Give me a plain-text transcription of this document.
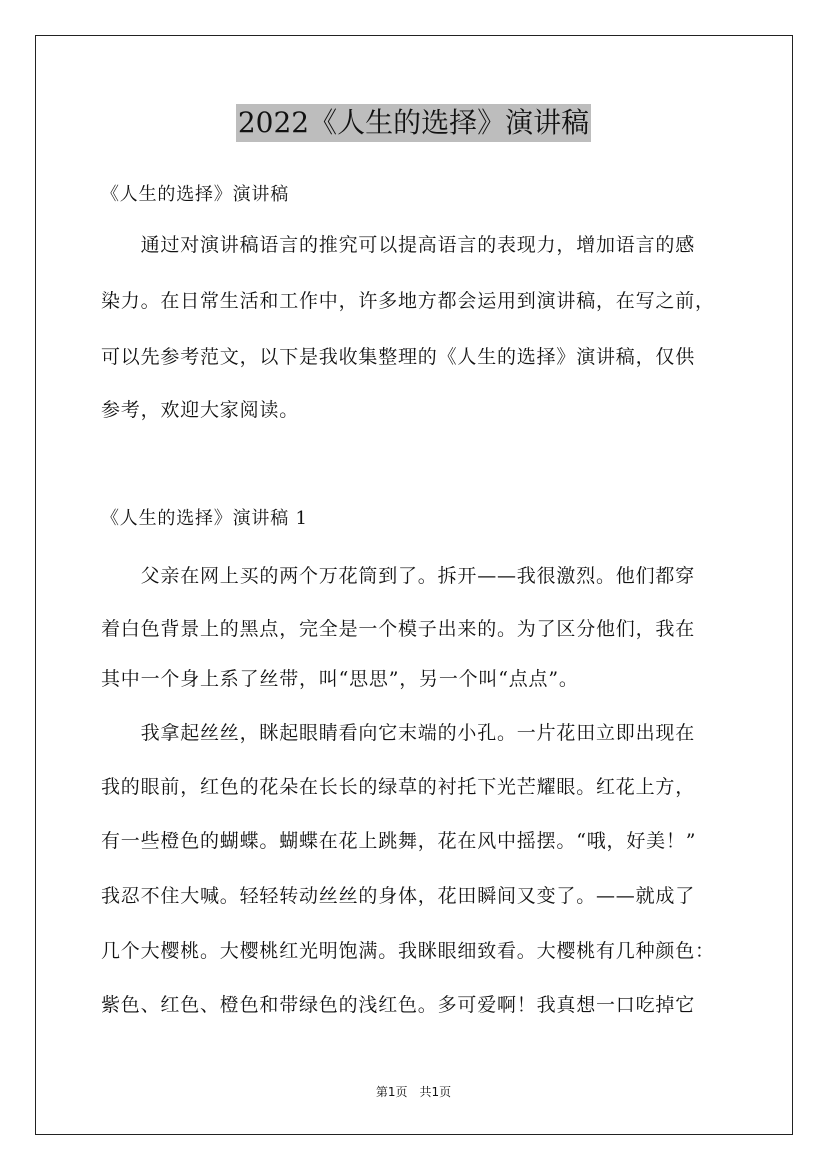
2022《人生的选择》演讲稿
《人生的选择》演讲稿
　　通过对演讲稿语言的推究可以提高语言的表现力，增加语言的感
染力。在日常生活和工作中，许多地方都会运用到演讲稿，在写之前，
可以先参考范文，以下是我收集整理的《人生的选择》演讲稿，仅供
参考，欢迎大家阅读。
《人生的选择》演讲稿 1
　　父亲在网上买的两个万花筒到了。拆开——我很激烈。他们都穿
着白色背景上的黑点，完全是一个模子出来的。为了区分他们，我在
其中一个身上系了丝带，叫“思思”，另一个叫“点点”。
　　我拿起丝丝，眯起眼睛看向它末端的小孔。一片花田立即出现在
我的眼前，红色的花朵在长长的绿草的衬托下光芒耀眼。红花上方，
有一些橙色的蝴蝶。蝴蝶在花上跳舞，花在风中摇摆。“哦，好美！”
我忍不住大喊。轻轻转动丝丝的身体，花田瞬间又变了。——就成了
几个大樱桃。大樱桃红光明饱满。我眯眼细致看。大樱桃有几种颜色：
紫色、红色、橙色和带绿色的浅红色。多可爱啊！我真想一口吃掉它
第1页　共1页
